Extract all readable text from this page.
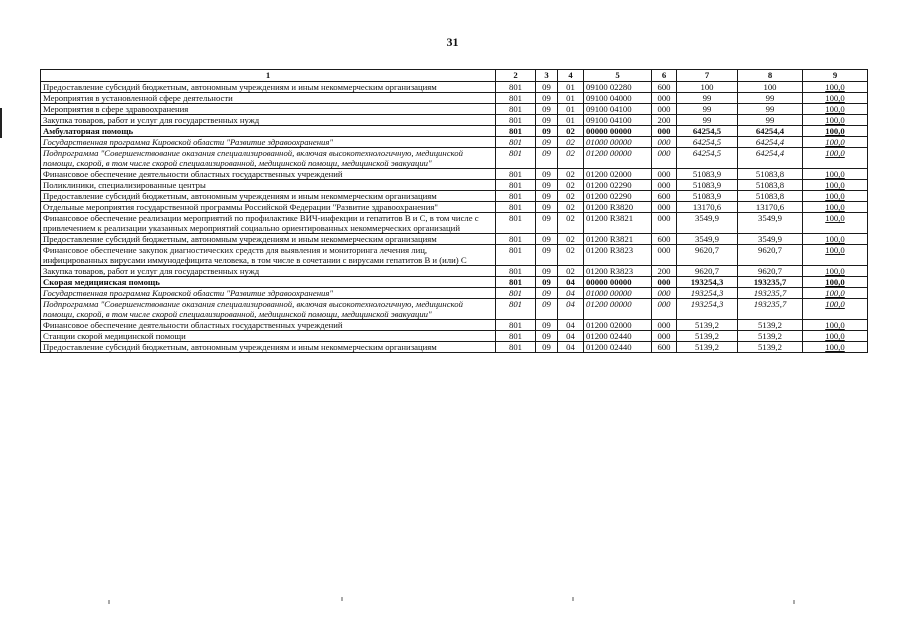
31
1	2	3	4	5	6	7	8	9
Предоставление субсидий бюджетным, автономным учреждениям и иным некоммерческим организациям	801	09	01	09100 02280	600	100	100	100,0
Мероприятия в установленной сфере деятельности	801	09	01	09100 04000	000	99	99	100,0
Мероприятия в сфере здравоохранения	801	09	01	09100 04100	000	99	99	100,0
Закупка товаров, работ и услуг для государственных нужд	801	09	01	09100 04100	200	99	99	100,0
Амбулаторная помощь	801	09	02	00000 00000	000	64254,5	64254,4	100,0
Государственная программа Кировской области "Развитие здравоохранения"	801	09	02	01000 00000	000	64254,5	64254,4	100,0
Подпрограмма "Совершенствование оказания специализированной, включая высокотехнологичную, медицинской помощи, скорой, в том числе скорой специализированной, медицинской помощи, медицинской эвакуации"	801	09	02	01200 00000	000	64254,5	64254,4	100,0
Финансовое обеспечение деятельности областных государственных учреждений	801	09	02	01200 02000	000	51083,9	51083,8	100,0
Поликлиники, специализированные центры	801	09	02	01200 02290	000	51083,9	51083,8	100,0
Предоставление субсидий бюджетным, автономным учреждениям и иным некоммерческим организациям	801	09	02	01200 02290	600	51083,9	51083,8	100,0
Отдельные мероприятия государственной программы Российской Федерации "Развитие здравоохранения"	801	09	02	01200 R3820	000	13170,6	13170,6	100,0
Финансовое обеспечение реализации мероприятий по профилактике ВИЧ-инфекции и гепатитов B и C, в том числе с привлечением к реализации указанных мероприятий социально ориентированных некоммерческих организаций	801	09	02	01200 R3821	000	3549,9	3549,9	100,0
Предоставление субсидий бюджетным, автономным учреждениям и иным некоммерческим организациям	801	09	02	01200 R3821	600	3549,9	3549,9	100,0
Финансовое обеспечение закупок диагностических средств для выявления и мониторинга лечения лиц, инфицированных вирусами иммунодефицита человека, в том числе в сочетании с вирусами гепатитов B и (или) C	801	09	02	01200 R3823	000	9620,7	9620,7	100,0
Закупка товаров, работ и услуг для государственных нужд	801	09	02	01200 R3823	200	9620,7	9620,7	100,0
Скорая медицинская помощь	801	09	04	00000 00000	000	193254,3	193235,7	100,0
Государственная программа Кировской области "Развитие здравоохранения"	801	09	04	01000 00000	000	193254,3	193235,7	100,0
Подпрограмма "Совершенствование оказания специализированной, включая высокотехнологичную, медицинской помощи, скорой, в том числе скорой специализированной, медицинской помощи, медицинской эвакуации"	801	09	04	01200 00000	000	193254,3	193235,7	100,0
Финансовое обеспечение деятельности областных государственных учреждений	801	09	04	01200 02000	000	5139,2	5139,2	100,0
Станции скорой медицинской помощи	801	09	04	01200 02440	000	5139,2	5139,2	100,0
Предоставление субсидий бюджетным, автономным учреждениям и иным некоммерческим организациям	801	09	04	01200 02440	600	5139,2	5139,2	100,0
